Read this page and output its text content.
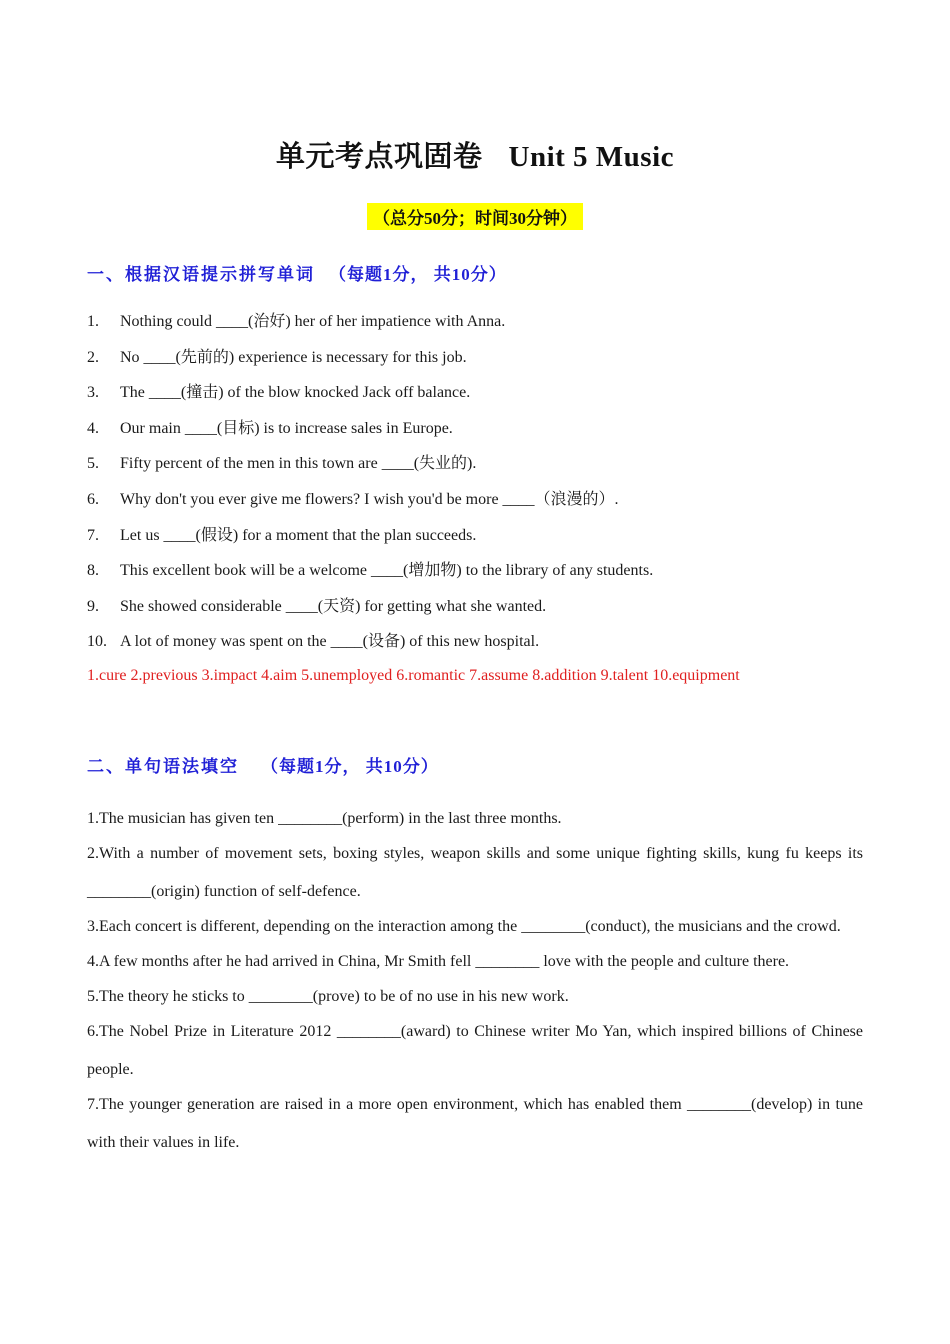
单元考点巩固卷 Unit 5 Music
（总分50分；时间30分钟）
一、根据汉语提示拼写单词 （每题1分， 共10分）
1. Nothing could ____(治好) her of her impatience with Anna.
2. No ____(先前的) experience is necessary for this job.
3. The ____(撞击) of the blow knocked Jack off balance.
4. Our main ____(目标) is to increase sales in Europe.
5. Fifty percent of the men in this town are ____(失业的).
6. Why don't you ever give me flowers? I wish you'd be more ____（浪漫的）.
7. Let us ____(假设) for a moment that the plan succeeds.
8. This excellent book will be a welcome ____(增加物) to the library of any students.
9. She showed considerable ____(天资) for getting what she wanted.
10. A lot of money was spent on the ____(设备) of this new hospital.
1.cure 2.previous 3.impact 4.aim 5.unemployed 6.romantic 7.assume 8.addition 9.talent 10.equipment
二、单句语法填空 （每题1分， 共10分）

1.The musician has given ten ________(perform) in the last three months.

2.With a number of movement sets, boxing styles, weapon skills and some unique fighting skills, kung fu keeps its ________(origin) function of self-defence.

3.Each concert is different, depending on the interaction among the ________(conduct), the musicians and the crowd.

4.A few months after he had arrived in China, Mr Smith fell ________ love with the people and culture there.

5.The theory he sticks to ________(prove) to be of no use in his new work.

6.The Nobel Prize in Literature 2012 ________(award) to Chinese writer Mo Yan, which inspired billions of Chinese people.

7.The younger generation are raised in a more open environment, which has enabled them ________(develop) in tune with their values in life.
